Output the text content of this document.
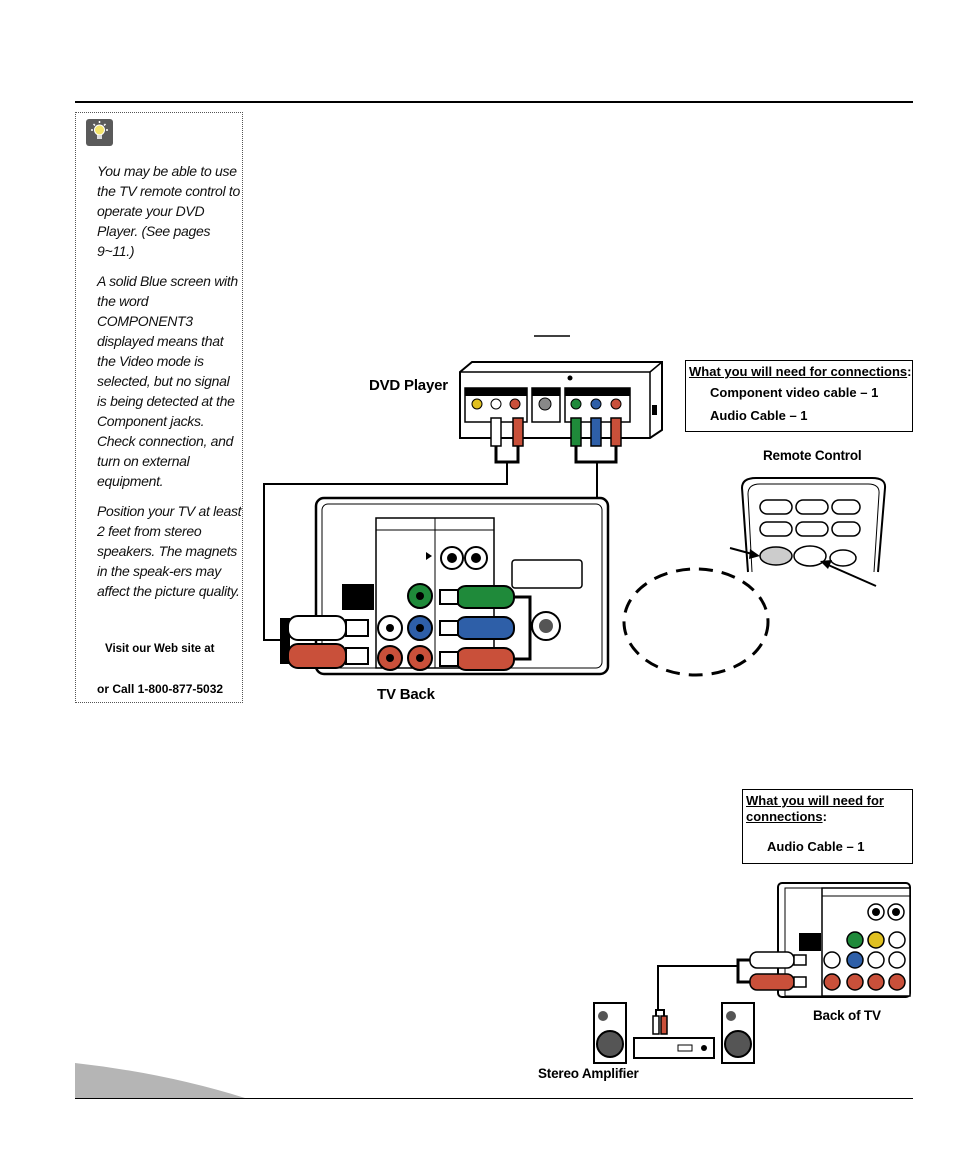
You may be able to use the TV remote control to operate your DVD Player. (See pages 9~11.)

A solid Blue screen with the word COMPONENT3 displayed means that the Video mode is selected, but no signal is being detected at the Component jacks. Check connection, and turn on external equipment.

Position your TV at least 2 feet from stereo speakers. The magnets in the speak-ers may affect the picture quality.

Visit our Web site at
or Call 1-800-877-5032
DVD Player
TV Back
Remote Control
What you will need for connections:
Component video cable – 1
Audio Cable – 1
What you will need for
connections:
Audio Cable – 1
Back of TV
Stereo Amplifier
